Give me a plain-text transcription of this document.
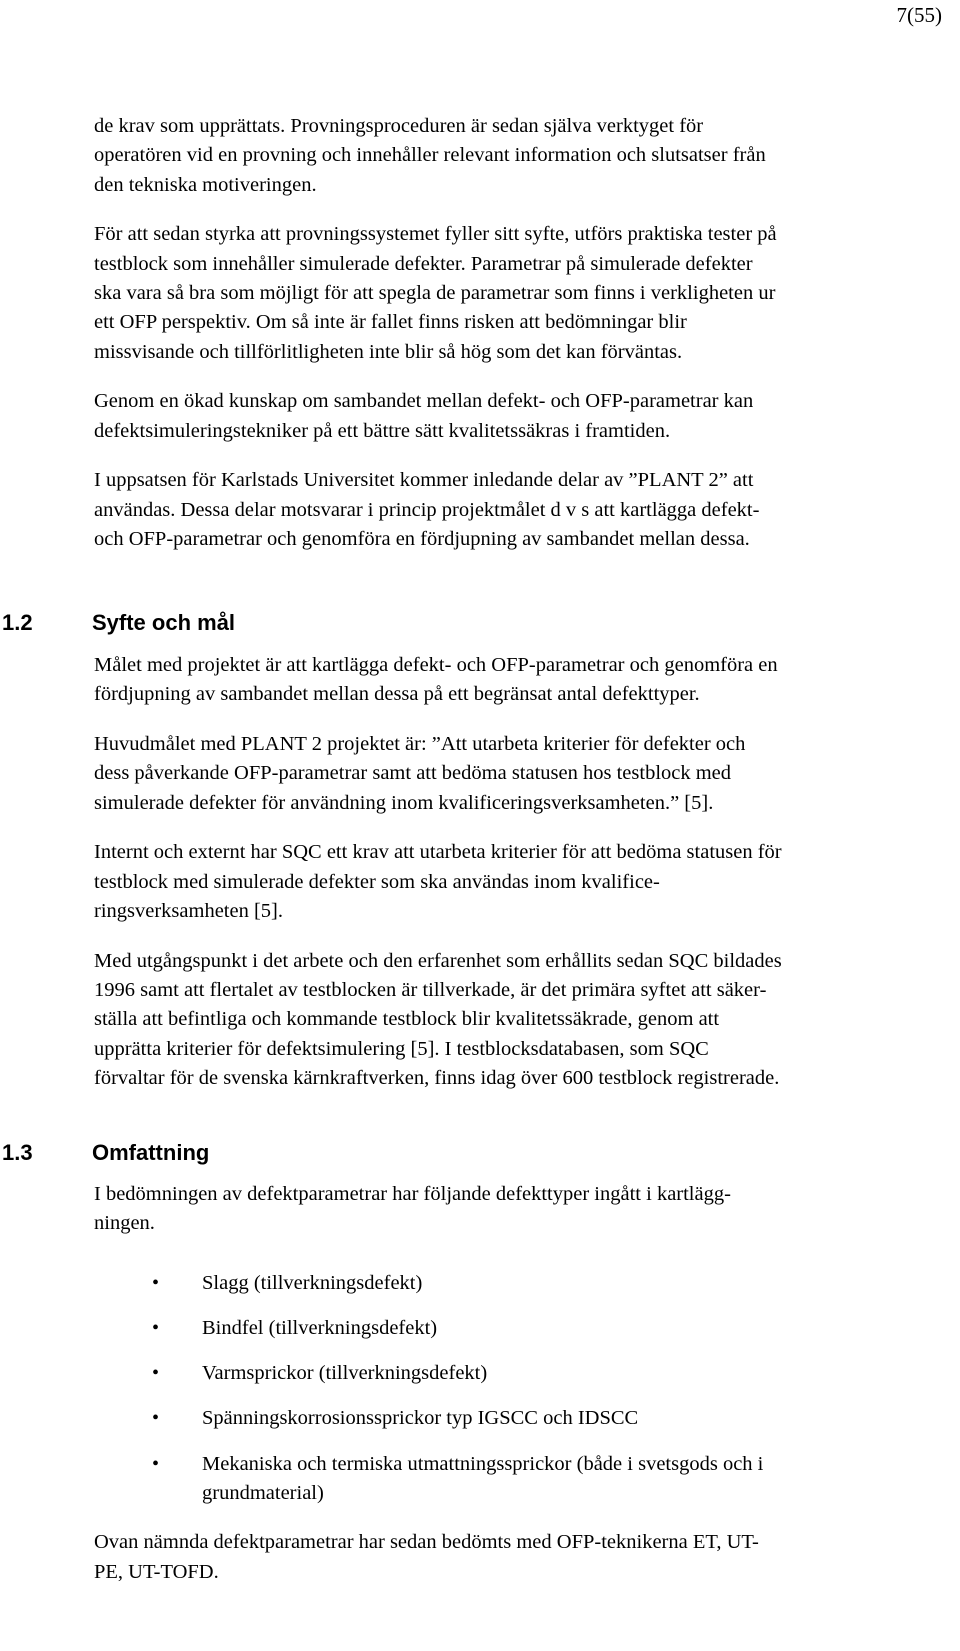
7(55)

de krav som upprättats. Provningsproceduren är sedan själva verktyget för
operatören vid en provning och innehåller relevant information och slutsatser från
den tekniska motiveringen.

För att sedan styrka att provningssystemet fyller sitt syfte, utförs praktiska tester på
testblock som innehåller simulerade defekter. Parametrar på simulerade defekter
ska vara så bra som möjligt för att spegla de parametrar som finns i verkligheten ur
ett OFP perspektiv. Om så inte är fallet finns risken att bedömningar blir
missvisande och tillförlitligheten inte blir så hög som det kan förväntas.

Genom en ökad kunskap om sambandet mellan defekt- och OFP-parametrar kan
defektsimuleringstekniker på ett bättre sätt kvalitetssäkras i framtiden.

I uppsatsen för Karlstads Universitet kommer inledande delar av ”PLANT 2” att
användas. Dessa delar motsvarar i princip projektmålet d v s att kartlägga defekt-
och OFP-parametrar och genomföra en fördjupning av sambandet mellan dessa.

1.2	Syfte och mål

Målet med projektet är att kartlägga defekt- och OFP-parametrar och genomföra en
fördjupning av sambandet mellan dessa på ett begränsat antal defekttyper.

Huvudmålet med PLANT 2 projektet är: ”Att utarbeta kriterier för defekter och
dess påverkande OFP-parametrar samt att bedöma statusen hos testblock med
simulerade defekter för användning inom kvalificeringsverksamheten.” [5].

Internt och externt har SQC ett krav att utarbeta kriterier för att bedöma statusen för
testblock med simulerade defekter som ska användas inom kvalifice-
ringsverksamheten [5].

Med utgångspunkt i det arbete och den erfarenhet som erhållits sedan SQC bildades
1996 samt att flertalet av testblocken är tillverkade, är det primära syftet att säker-
ställa att befintliga och kommande testblock blir kvalitetssäkrade, genom att
upprätta kriterier för defektsimulering [5]. I testblocksdatabasen, som SQC
förvaltar för de svenska kärnkraftverken, finns idag över 600 testblock registrerade.

1.3	Omfattning

I bedömningen av defektparametrar har följande defekttyper ingått i kartlägg-
ningen.

• Slagg (tillverkningsdefekt)
• Bindfel (tillverkningsdefekt)
• Varmsprickor (tillverkningsdefekt)
• Spänningskorrosionssprickor typ IGSCC och IDSCC
• Mekaniska och termiska utmattningssprickor (både i svetsgods och i
grundmaterial)

Ovan nämnda defektparametrar har sedan bedömts med OFP-teknikerna ET, UT-
PE, UT-TOFD.
